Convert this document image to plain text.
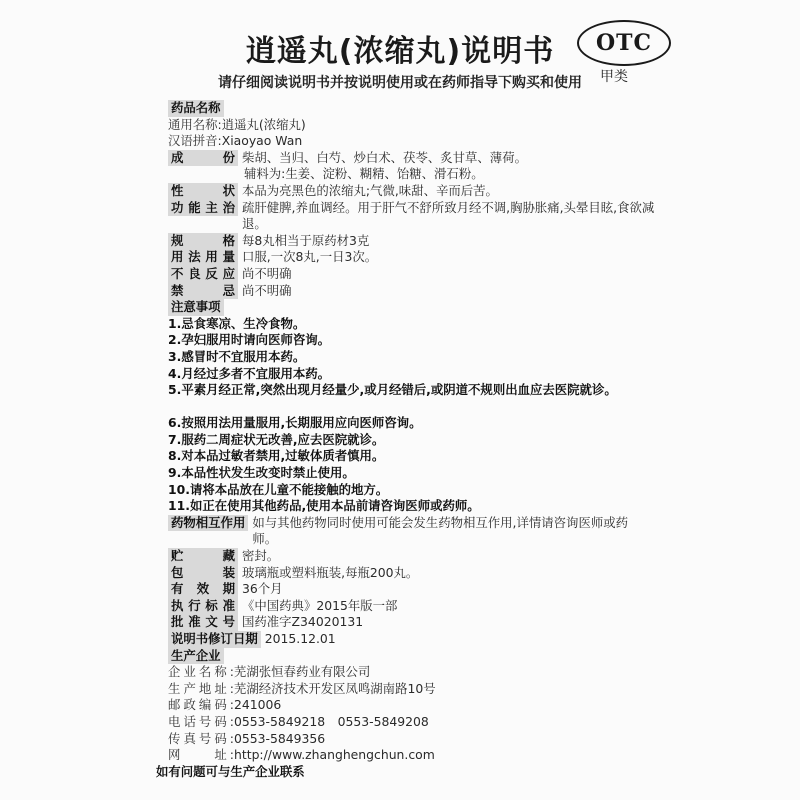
逍遥丸(浓缩丸)说明书	OTC
甲类
请仔细阅读说明书并按说明使用或在药师指导下购买和使用
药品名称
通用名称: 逍遥丸(浓缩丸)
汉语拼音: Xiaoyao Wan
成　份 柴胡、当归、白芍、炒白术、茯苓、炙甘草、薄荷。
辅料为:生姜、淀粉、糊精、饴糖、滑石粉。
性　状 本品为亮黑色的浓缩丸;气微,味甜、辛而后苦。
功能主治 疏肝健脾,养血调经。用于肝气不舒所致月经不调,胸胁胀痛,头晕目眩,食欲减退。
规　格 每8丸相当于原药材3克
用法用量 口服,一次8丸,一日3次。
不良反应 尚不明确
禁　忌 尚不明确
注意事项
1.忌食寒凉、生冷食物。
2.孕妇服用时请向医师咨询。
3.感冒时不宜服用本药。
4.月经过多者不宜服用本药。
5.平素月经正常,突然出现月经量少,或月经错后,或阴道不规则出血应去医院就诊。
6.按照用法用量服用,长期服用应向医师咨询。
7.服药二周症状无改善,应去医院就诊。
8.对本品过敏者禁用,过敏体质者慎用。
9.本品性状发生改变时禁止使用。
10.请将本品放在儿童不能接触的地方。
11.如正在使用其他药品,使用本品前请咨询医师或药师。
药物相互作用 如与其他药物同时使用可能会发生药物相互作用,详情请咨询医师或药师。
贮　藏 密封。
包　装 玻璃瓶或塑料瓶装,每瓶200丸。
有 效 期 36个月
执行标准 《中国药典》2015年版一部
批准文号 国药准字Z34020131
说明书修订日期 2015.12.01
生产企业
企业名称: 芜湖张恒春药业有限公司
生产地址: 芜湖经济技术开发区凤鸣湖南路10号
邮政编码: 241006
电话号码: 0553-5849218　0553-5849208
传真号码: 0553-5849356
网　　址: http://www.zhanghengchun.com
如有问题可与生产企业联系
